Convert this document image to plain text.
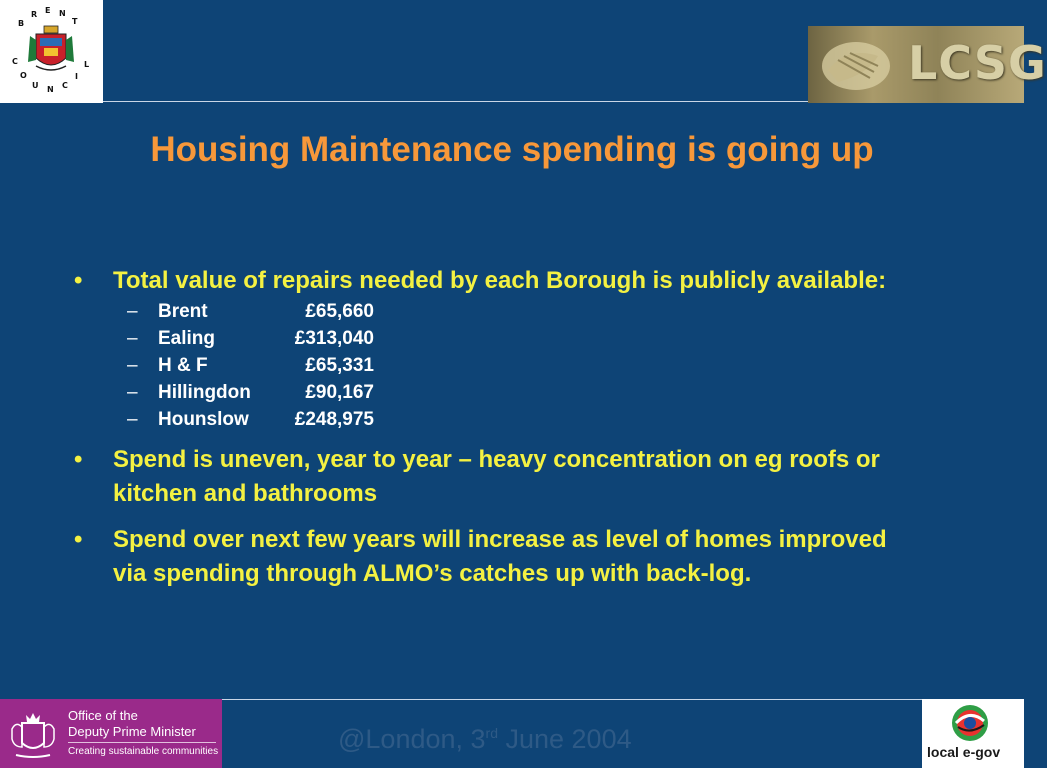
B
R E N
T
C
O
U N C
I
L	LCSG
Housing Maintenance spending is going up
• Total value of repairs needed by each Borough is publicly available:
– Brent	£65,660
– Ealing	£313,040
– H & F	£65,331
– Hillingdon	£90,167
– Hounslow	£248,975
• Spend is uneven, year to year – heavy concentration on eg roofs or kitchen and bathrooms
• Spend over next few years will increase as level of homes improved via spending through ALMO’s catches up with back-log.
Office of the
Deputy Prime Minister
Creating sustainable communities	@London, 3rd June 2004	local e-gov
